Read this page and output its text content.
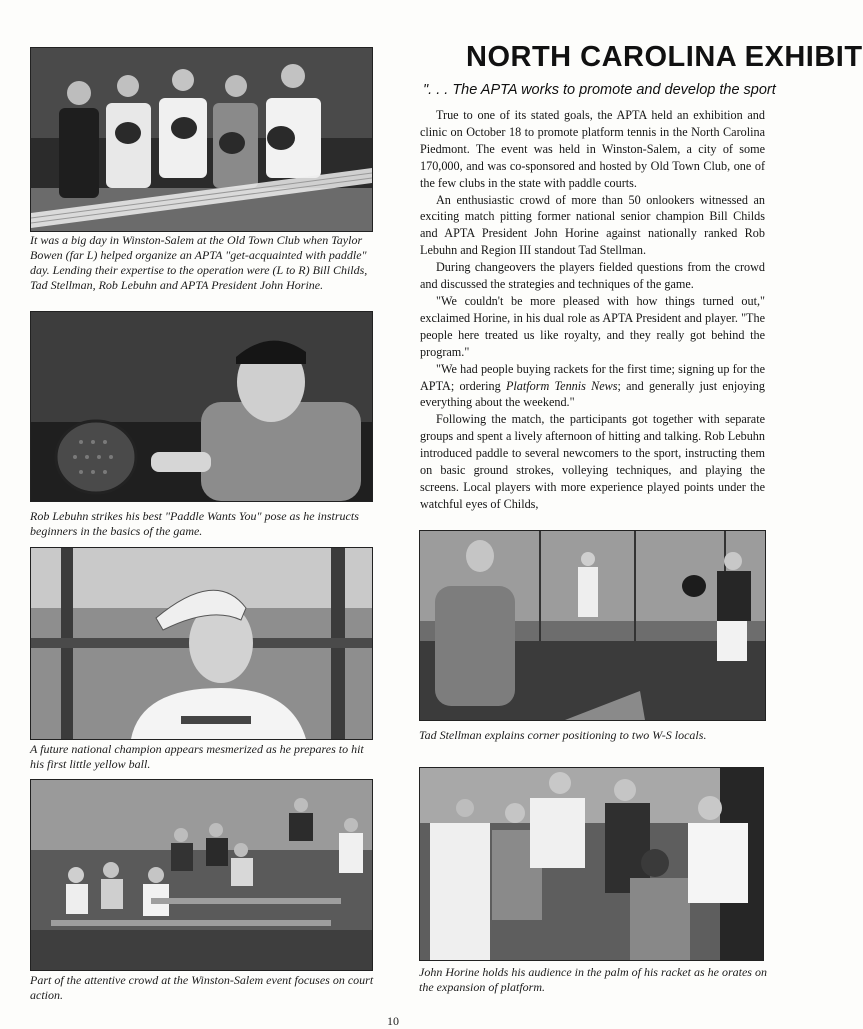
NORTH CAROLINA EXHIBIT

". . . The APTA works to promote and develop the sport

True to one of its stated goals, the APTA held an exhibition and clinic on October 18 to promote platform tennis in the North Carolina Piedmont. The event was held in Winston-Salem, a city of some 170,000, and was co-sponsored and hosted by Old Town Club, one of the few clubs in the state with paddle courts.

An enthusiastic crowd of more than 50 onlookers witnessed an exciting match pitting former national senior champion Bill Childs and APTA President John Horine against nationally ranked Rob Lebuhn and Region III standout Tad Stellman.

During changeovers the players fielded questions from the crowd and discussed the strategies and techniques of the game.

"We couldn't be more pleased with how things turned out," exclaimed Horine, in his dual role as APTA President and player. "The people here treated us like royalty, and they really got behind the program."

"We had people buying rackets for the first time; signing up for the APTA; ordering Platform Tennis News; and generally just enjoying everything about the weekend."

Following the match, the participants got together with separate groups and spent a lively afternoon of hitting and talking. Rob Lebuhn introduced paddle to several newcomers to the sport, instructing them on basic ground strokes, volleying techniques, and playing the screens. Local players with more experience played points under the watchful eyes of Childs,

It was a big day in Winston-Salem at the Old Town Club when Taylor Bowen (far L) helped organize an APTA "get-acquainted with paddle" day. Lending their expertise to the operation were (L to R) Bill Childs, Tad Stellman, Rob Lebuhn and APTA President John Horine.

Rob Lebuhn strikes his best "Paddle Wants You" pose as he instructs beginners in the basics of the game.

A future national champion appears mesmerized as he prepares to hit his first little yellow ball.

Part of the attentive crowd at the Winston-Salem event focuses on court action.

Tad Stellman explains corner positioning to two W-S locals.

John Horine holds his audience in the palm of his racket as he orates on the expansion of platform.

10
